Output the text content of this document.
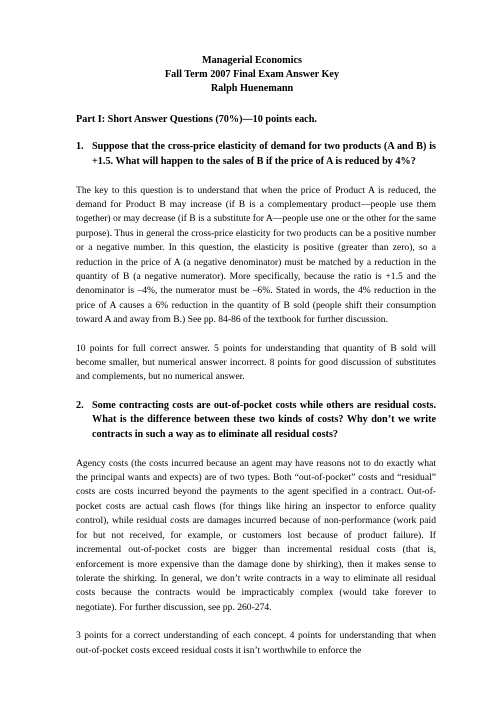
Managerial Economics
Fall Term 2007 Final Exam Answer Key
Ralph Huenemann
Part I: Short Answer Questions (70%)—10 points each.
1. Suppose that the cross-price elasticity of demand for two products (A and B) is +1.5. What will happen to the sales of B if the price of A is reduced by 4%?

The key to this question is to understand that when the price of Product A is reduced, the demand for Product B may increase (if B is a complementary product—people use them together) or may decrease (if B is a substitute for A—people use one or the other for the same purpose). Thus in general the cross-price elasticity for two products can be a positive number or a negative number. In this question, the elasticity is positive (greater than zero), so a reduction in the price of A (a negative denominator) must be matched by a reduction in the quantity of B (a negative numerator). More specifically, because the ratio is +1.5 and the denominator is –4%, the numerator must be –6%. Stated in words, the 4% reduction in the price of A causes a 6% reduction in the quantity of B sold (people shift their consumption toward A and away from B.) See pp. 84-86 of the textbook for further discussion.

10 points for full correct answer. 5 points for understanding that quantity of B sold will become smaller, but numerical answer incorrect. 8 points for good discussion of substitutes and complements, but no numerical answer.

2. Some contracting costs are out-of-pocket costs while others are residual costs. What is the difference between these two kinds of costs? Why don’t we write contracts in such a way as to eliminate all residual costs?

Agency costs (the costs incurred because an agent may have reasons not to do exactly what the principal wants and expects) are of two types. Both “out-of-pocket” costs and “residual” costs are costs incurred beyond the payments to the agent specified in a contract. Out-of-pocket costs are actual cash flows (for things like hiring an inspector to enforce quality control), while residual costs are damages incurred because of non-performance (work paid for but not received, for example, or customers lost because of product failure). If incremental out-of-pocket costs are bigger than incremental residual costs (that is, enforcement is more expensive than the damage done by shirking), then it makes sense to tolerate the shirking. In general, we don’t write contracts in a way to eliminate all residual costs because the contracts would be impracticably complex (would take forever to negotiate). For further discussion, see pp. 260-274.

3 points for a correct understanding of each concept. 4 points for understanding that when out-of-pocket costs exceed residual costs it isn’t worthwhile to enforce the
